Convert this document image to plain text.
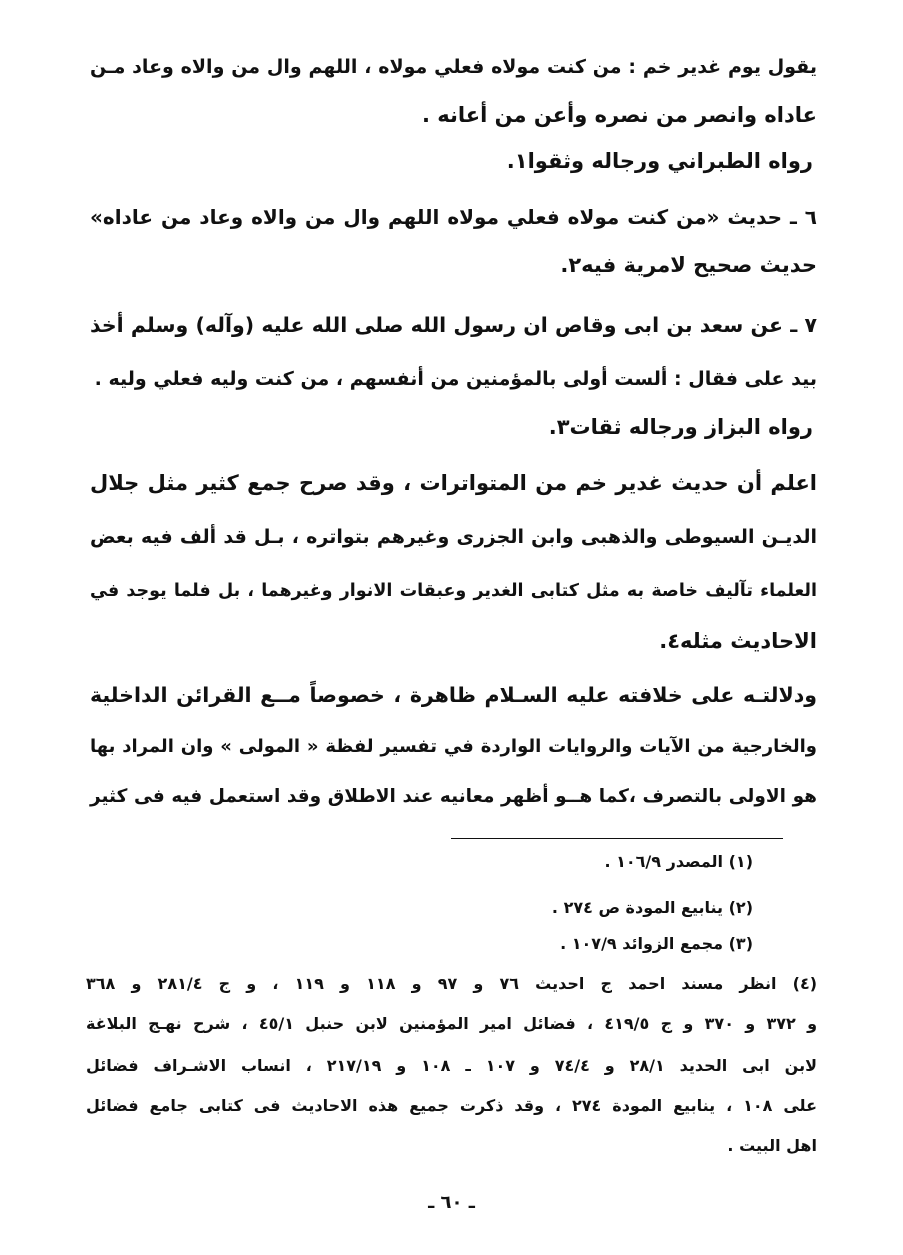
يقول يوم غدير خم : من كنت مولاه فعلي مولاه ، اللهم وال من والاه وعاد مـن
عاداه وانصر من نصره وأعن من أعانه .
رواه الطبراني ورجاله وثقوا١.
٦ ـ حديث «من كنت مولاه فعلي مولاه اللهم وال من والاه وعاد من عاداه»
حديث صحيح لامرية فيه٢.
٧ ـ عن سعد بن ابى وقاص ان رسول الله صلى الله عليه (وآله) وسلم أخذ
بيد على فقال : ألست أولى بالمؤمنين من أنفسهم ، من كنت وليه فعلي وليه .
رواه البزاز ورجاله ثقات٣.
اعلم أن حديث غدير خم من المتواترات ، وقد صرح جمع كثير مثل جلال
الديـن السيوطى والذهبى وابن الجزرى وغيرهم بتواتره ، بـل قد ألف فيه بعض
العلماء تآليف خاصة به مثل كتابى الغدير وعبقات الانوار وغيرهما ، بل فلما يوجد في
الاحاديث مثله٤.
ودلالتـه على خلافته عليه السـلام ظاهرة ، خصوصاً مــع القرائن الداخلية
والخارجية من الآيات والروايات الواردة في تفسير لفظة « المولى » وان المراد بها
هو الاولى بالتصرف ،كما هــو أظهر معانيه عند الاطلاق وقد استعمل فيه فى كثير
(١) المصدر ١٠٦/٩ .
(٢) ينابيع المودة ص ٢٧٤ .
(٣) مجمع الزوائد ١٠٧/٩ .
(٤) انظر مسند احمد ج احديث ٧٦ و ٩٧ و ١١٨ و ١١٩ ، و ج ٢٨١/٤ و ٣٦٨
و ٣٧٢ و ٣٧٠ و ج ٤١٩/٥ ، فضائل امير المؤمنين لابن حنبل ٤٥/١ ، شرح نهـج البلاغة
لابن ابى الحديد ٢٨/١ و ٧٤/٤ و ١٠٧ ـ ١٠٨ و ٢١٧/١٩ ، انساب الاشـراف فضائل
على ١٠٨ ، ينابيع المودة ٢٧٤ ، وقد ذكرت جميع هذه الاحاديث فى كتابى جامع فضائل
اهل البيت .
ـ ٦٠ ـ
